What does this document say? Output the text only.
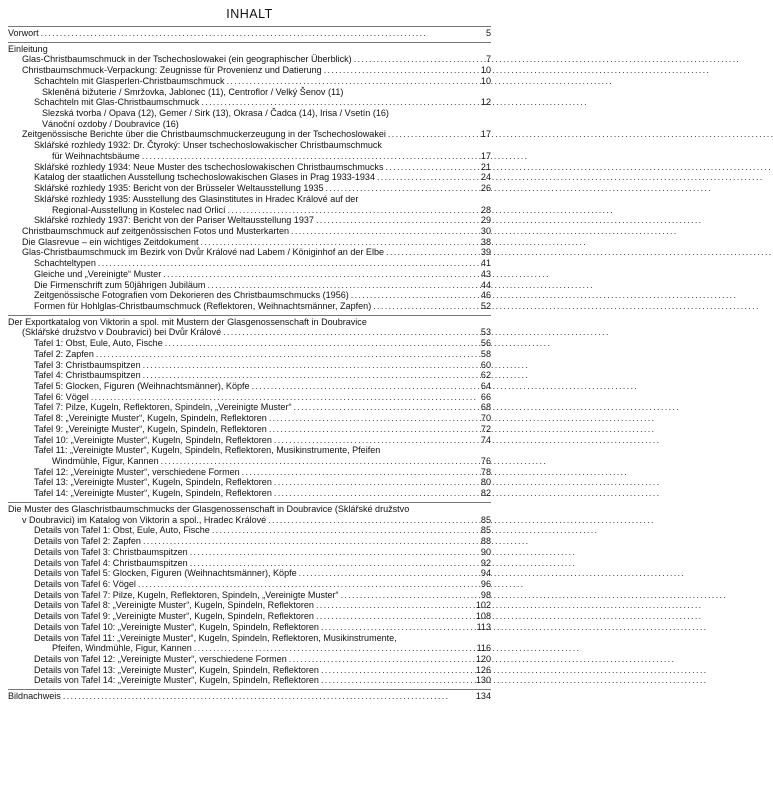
INHALT
Vorwort . . .	5
Einleitung
Glas-Christbaumschmuck in der Tschechoslowakei (ein geographischer Überblick) . . .	7
Christbaumschmuck-Verpackung: Zeugnisse für Provenienz und Datierung . . .	10
Schachteln mit Glasperlen-Christbaumschmuck . . .	10
Skleněná bižuterie / Smržovka, Jablonec (11), Centroflor / Velký Šenov (11)
Schachteln mit Glas-Christbaumschmuck . . .	12
Slezská tvorba / Opava (12), Gemer / Sirk (13), Okrasa / Čadca (14), Irisa / Vsetín (16)
Vánoční ozdoby / Doubravice (16)
Zeitgenössische Berichte über die Christbaumschmuckerzeugung in der Tschechoslowakei . . .	17
Sklářské rozhledy 1932: Dr. Čtyroký: Unser tschechoslowakischer Christbaumschmuck
für Weihnachtsbäume . . .	17
Sklářské rozhledy 1934: Neue Muster des tschechoslowakischen Christbaumschmucks . . .	21
Katalog der staatlichen Ausstellung tschechoslowakischen Glases in Prag 1933-1934 . . .	24
Sklářské rozhledy 1935: Bericht von der Brüsseler Weltausstellung 1935 . . .	26
Sklářské rozhledy 1935: Ausstellung des Glasinstitutes in Hradec Králové auf der
Regional-Ausstellung in Kostelec nad Orlicí . . .	28
Sklářské rozhledy 1937: Bericht von der Pariser Weltausstellung 1937 . . .	29
Christbaumschmuck auf zeitgenössischen Fotos und Musterkarten . . .	30
Die Glasrevue – ein wichtiges Zeitdokument . . .	38
Glas-Christbaumschmuck im Bezirk von Dvůr Králové nad Labem / Königinhof an der Elbe . . .	39
Schachteltypen . . .	41
Gleiche und „Vereinigte“ Muster . . .	43
Die Firmenschrift zum 50jährigen Jubiläum . . .	44
Zeitgenössische Fotografien vom Dekorieren des Christbaumschmucks (1956) . . .	46
Formen für Hohlglas-Christbaumschmuck (Reflektoren, Weihnachtsmänner, Zapfen) . . .	52
Der Exportkatalog von Viktorin a spol. mit Mustern der Glasgenossenschaft in Doubravice
(Sklářské družstvo v Doubravici) bei Dvůr Králové . . .	53
Tafel 1: Obst, Eule, Auto, Fische . . .	56
Tafel 2: Zapfen . . .	58
Tafel 3: Christbaumspitzen . . .	60
Tafel 4: Christbaumspitzen . . .	62
Tafel 5: Glocken, Figuren (Weihnachtsmänner), Köpfe . . .	64
Tafel 6: Vögel . . .	66
Tafel 7: Pilze, Kugeln, Reflektoren, Spindeln, „Vereinigte Muster“ . . .	68
Tafel 8: „Vereinigte Muster“, Kugeln, Spindeln, Reflektoren . . .	70
Tafel 9: „Vereinigte Muster“, Kugeln, Spindeln, Reflektoren . . .	72
Tafel 10: „Vereinigte Muster“, Kugeln, Spindeln, Reflektoren . . .	74
Tafel 11: „Vereinigte Muster“, Kugeln, Spindeln, Reflektoren, Musikinstrumente, Pfeifen
Windmühle, Figur, Kannen . . .	76
Tafel 12: „Vereinigte Muster“, verschiedene Formen . . .	78
Tafel 13: „Vereinigte Muster“, Kugeln, Spindeln, Reflektoren . . .	80
Tafel 14: „Vereinigte Muster“, Kugeln, Spindeln, Reflektoren . . .	82
Die Muster des Glaschristbaumschmucks der Glasgenossenschaft in Doubravice (Sklářské družstvo
v Doubravici) im Katalog von Viktorin a spol., Hradec Králové . . .	85
Details von Tafel 1: Obst, Eule, Auto, Fische . . .	85
Details von Tafel 2: Zapfen . . .	88
Details von Tafel 3: Christbaumspitzen . . .	90
Details von Tafel 4: Christbaumspitzen . . .	92
Details von Tafel 5: Glocken, Figuren (Weihnachtsmänner), Köpfe . . .	94
Details von Tafel 6: Vögel . . .	96
Details von Tafel 7: Pilze, Kugeln, Reflektoren, Spindeln, „Vereinigte Muster“ . . .	98
Details von Tafel 8: „Vereinigte Muster“, Kugeln, Spindeln, Reflektoren . . .	102
Details von Tafel 9: „Vereinigte Muster“, Kugeln, Spindeln, Reflektoren . . .	108
Details von Tafel 10: „Vereinigte Muster“, Kugeln, Spindeln, Reflektoren . . .	113
Details von Tafel 11: „Vereinigte Muster“, Kugeln, Spindeln, Reflektoren, Musikinstrumente,
Pfeifen, Windmühle, Figur, Kannen . . .	116
Details von Tafel 12: „Vereinigte Muster“, verschiedene Formen . . .	120
Details von Tafel 13: „Vereinigte Muster“, Kugeln, Spindeln, Reflektoren . . .	126
Details von Tafel 14: „Vereinigte Muster“, Kugeln, Spindeln, Reflektoren . . .	130
Bildnachweis . . .	134
